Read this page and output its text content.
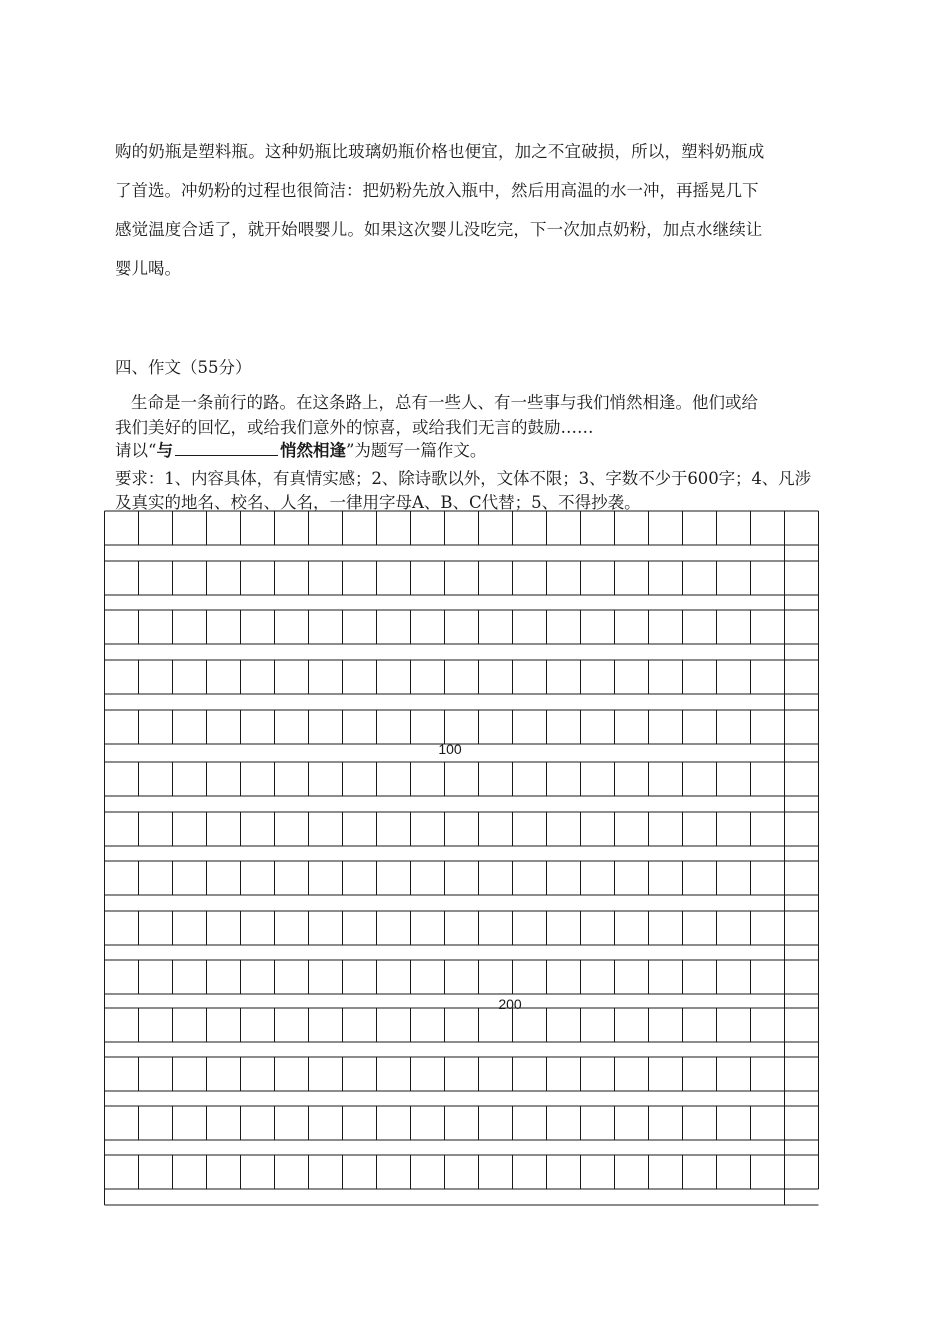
购的奶瓶是塑料瓶。这种奶瓶比玻璃奶瓶价格也便宜，加之不宜破损，所以，塑料奶瓶成
了首选。冲奶粉的过程也很简洁：把奶粉先放入瓶中，然后用高温的水一冲，再摇晃几下
感觉温度合适了，就开始喂婴儿。如果这次婴儿没吃完，下一次加点奶粉，加点水继续让
婴儿喝。
四、作文（55分）
生命是一条前行的路。在这条路上，总有一些人、有一些事与我们悄然相逢。他们或给
我们美好的回忆，或给我们意外的惊喜，或给我们无言的鼓励……
请以“与	悄然相逢”为题写一篇作文。
要求：1、内容具体，有真情实感；2、除诗歌以外，文体不限；3、字数不少于600字；4、凡涉
及真实的地名、校名、人名，一律用字母A、B、C代替；5、不得抄袭。
100
200
